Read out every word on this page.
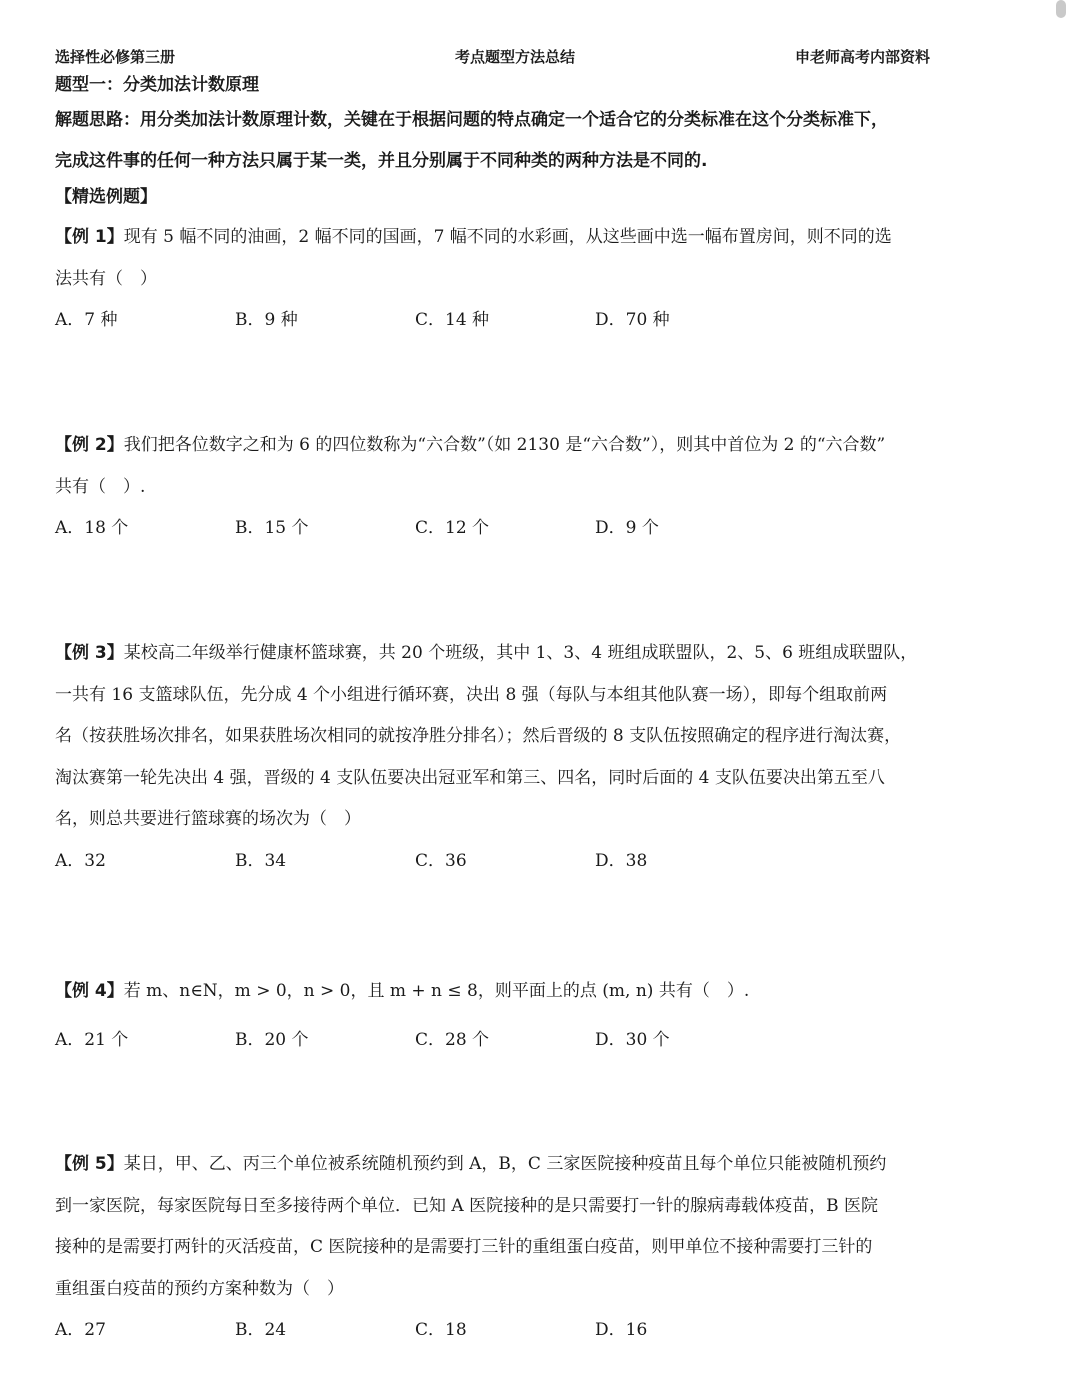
选择性必修第三册	考点题型方法总结	申老师高考内部资料
题型一：分类加法计数原理

解题思路：用分类加法计数原理计数，关键在于根据问题的特点确定一个适合它的分类标准在这个分类标准下，

完成这件事的任何一种方法只属于某一类，并且分别属于不同种类的两种方法是不同的.

【精选例题】

【例 1】现有 5 幅不同的油画，2 幅不同的国画，7 幅不同的水彩画，从这些画中选一幅布置房间，则不同的选

法共有（　）

A．7 种	B．9 种	C．14 种	D．70 种

【例 2】我们把各位数字之和为 6 的四位数称为“六合数”（如 2130 是“六合数”），则其中首位为 2 的“六合数”

共有（　）.

A．18 个	B．15 个	C．12 个	D．9 个

【例 3】某校高二年级举行健康杯篮球赛，共 20 个班级，其中 1、3、4 班组成联盟队，2、5、6 班组成联盟队，

一共有 16 支篮球队伍，先分成 4 个小组进行循环赛，决出 8 强（每队与本组其他队赛一场），即每个组取前两

名（按获胜场次排名，如果获胜场次相同的就按净胜分排名）；然后晋级的 8 支队伍按照确定的程序进行淘汰赛，

淘汰赛第一轮先决出 4 强，晋级的 4 支队伍要决出冠亚军和第三、四名，同时后面的 4 支队伍要决出第五至八

名，则总共要进行篮球赛的场次为（　）

A．32	B．34	C．36	D．38

【例 4】若 m、n∈N，m > 0，n > 0，且 m + n ≤ 8，则平面上的点 (m, n) 共有（　）.

A．21 个	B．20 个	C．28 个	D．30 个

【例 5】某日，甲、乙、丙三个单位被系统随机预约到 A，B，C 三家医院接种疫苗且每个单位只能被随机预约

到一家医院，每家医院每日至多接待两个单位．已知 A 医院接种的是只需要打一针的腺病毒载体疫苗，B 医院

接种的是需要打两针的灭活疫苗，C 医院接种的是需要打三针的重组蛋白疫苗，则甲单位不接种需要打三针的

重组蛋白疫苗的预约方案种数为（　）

A．27	B．24	C．18	D．16
